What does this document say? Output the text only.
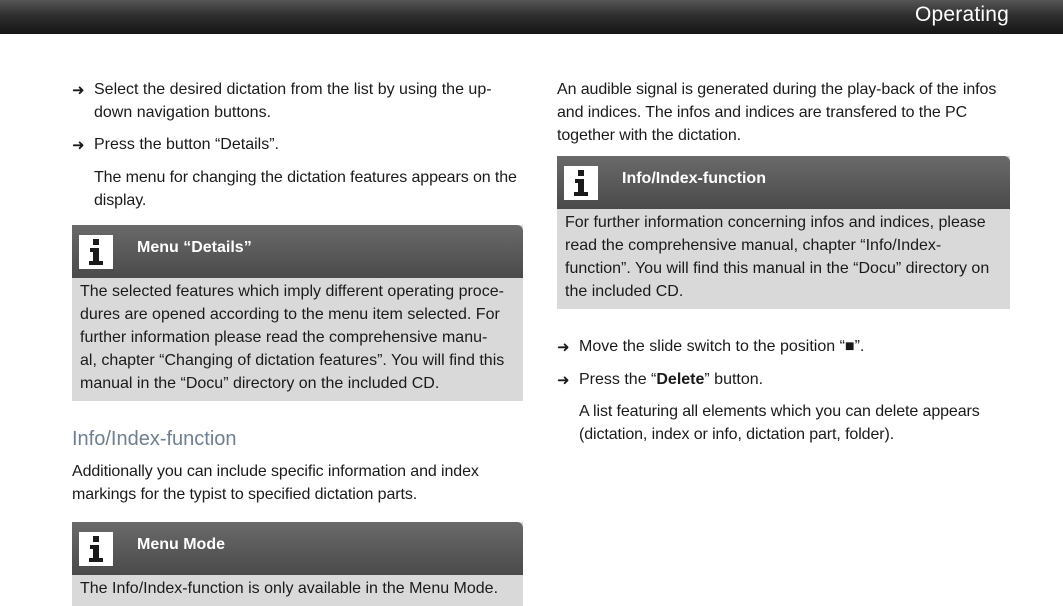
Operating
➜ Select the desired dictation from the list by using the up-down navigation buttons.
➜ Press the button “Details”.
The menu for changing the dictation features appears on the display.
Menu “Details”
The selected features which imply different operating proce-
dures are opened according to the menu item selected. For
further information please read the comprehensive manu-
al, chapter “Changing of dictation features”. You will find this
manual in the “Docu” directory on the included CD.
Info/Index-function
Additionally you can include specific information and index
markings for the typist to specified dictation parts.
Menu Mode
The Info/Index-function is only available in the Menu Mode.
An audible signal is generated during the play-back of the infos
and indices. The infos and indices are transfered to the PC
together with the dictation.
Info/Index-function
For further information concerning infos and indices, please
read the comprehensive manual, chapter “Info/Index-
function”. You will find this manual in the “Docu” directory on
the included CD.
➜ Move the slide switch to the position “■”.
➜ Press the “Delete” button.
A list featuring all elements which you can delete appears
(dictation, index or info, dictation part, folder).
